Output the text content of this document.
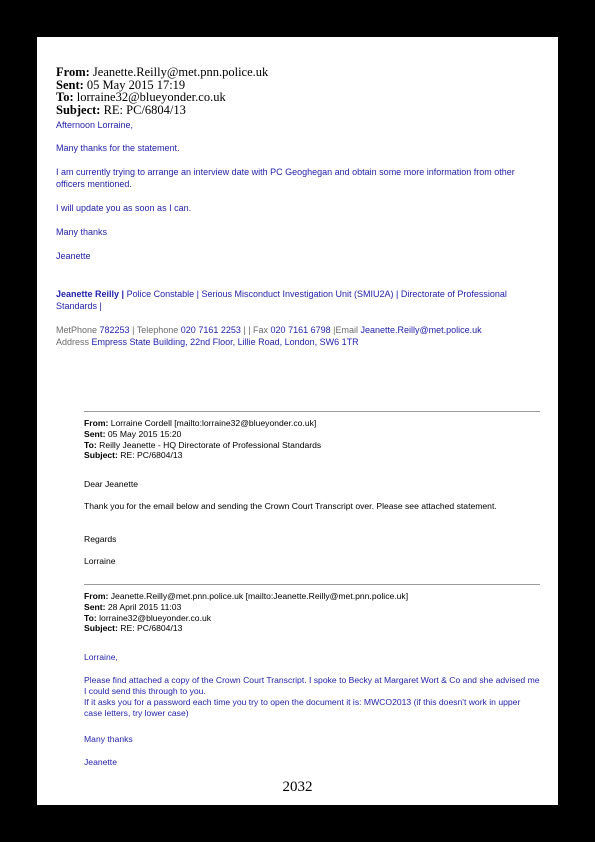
From: Jeanette.Reilly@met.pnn.police.uk
Sent: 05 May 2015 17:19
To: lorraine32@blueyonder.co.uk
Subject: RE: PC/6804/13

Afternoon Lorraine,

Many thanks for the statement.

I am currently trying to arrange an interview date with PC Geoghegan and obtain some more information from other officers mentioned.

I will update you as soon as I can.

Many thanks

Jeanette

Jeanette Reilly | Police Constable | Serious Misconduct Investigation Unit (SMIU2A) | Directorate of Professional Standards |

MetPhone 782253 | Telephone 020 7161 2253 | | Fax 020 7161 6798 |Email Jeanette.Reilly@met.police.uk

Address Empress State Building, 22nd Floor, Lillie Road, London, SW6 1TR

From: Lorraine Cordell [mailto:lorraine32@blueyonder.co.uk]
Sent: 05 May 2015 15:20
To: Reilly Jeanette - HQ Directorate of Professional Standards
Subject: RE: PC/6804/13

Dear Jeanette

Thank you for the email below and sending the Crown Court Transcript over. Please see attached statement.

Regards

Lorraine

From: Jeanette.Reilly@met.pnn.police.uk [mailto:Jeanette.Reilly@met.pnn.police.uk]
Sent: 28 April 2015 11:03
To: lorraine32@blueyonder.co.uk
Subject: RE: PC/6804/13

Lorraine,

Please find attached a copy of the Crown Court Transcript. I spoke to Becky at Margaret Wort & Co and she advised me I could send this through to you.

If it asks you for a password each time you try to open the document it is: MWCO2013 (if this doesn't work in upper case letters, try lower case)

Many thanks

Jeanette

2032
